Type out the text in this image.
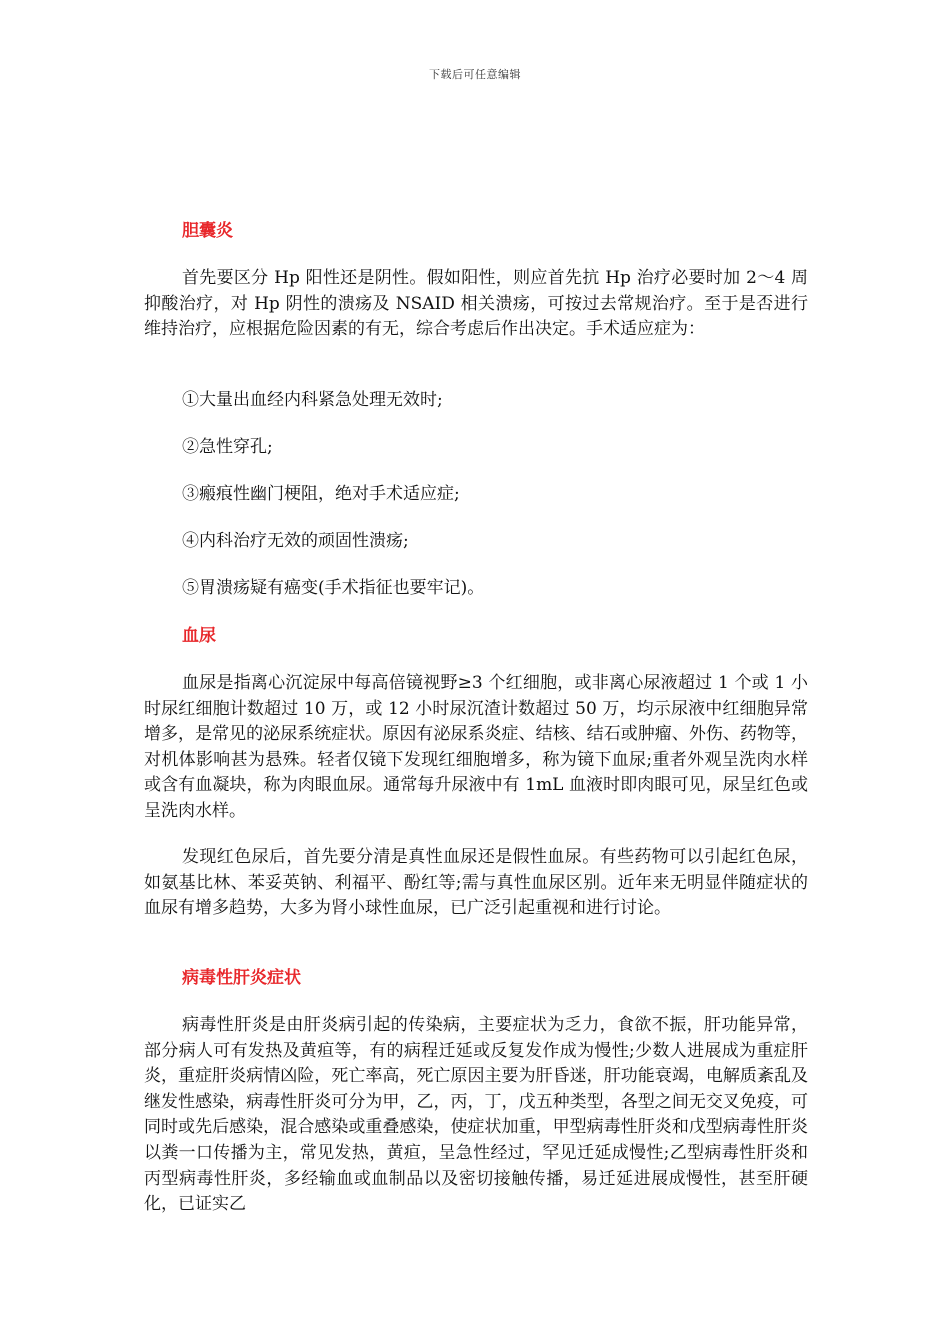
下载后可任意编辑
胆囊炎

首先要区分 Hp 阳性还是阴性。假如阳性，则应首先抗 Hp 治疗必要时加 2～4 周抑酸治疗，对 Hp 阴性的溃疡及 NSAID 相关溃疡，可按过去常规治疗。至于是否进行维持治疗，应根据危险因素的有无，综合考虑后作出决定。手术适应症为：

①大量出血经内科紧急处理无效时;
②急性穿孔;
③瘢痕性幽门梗阻，绝对手术适应症;
④内科治疗无效的顽固性溃疡;
⑤胃溃疡疑有癌变(手术指征也要牢记)。
血尿

血尿是指离心沉淀尿中每高倍镜视野≥3 个红细胞，或非离心尿液超过 1 个或 1 小时尿红细胞计数超过 10 万，或 12 小时尿沉渣计数超过 50 万，均示尿液中红细胞异常增多，是常见的泌尿系统症状。原因有泌尿系炎症、结核、结石或肿瘤、外伤、药物等，对机体影响甚为悬殊。轻者仅镜下发现红细胞增多，称为镜下血尿;重者外观呈洗肉水样或含有血凝块，称为肉眼血尿。通常每升尿液中有 1mL 血液时即肉眼可见，尿呈红色或呈洗肉水样。

发现红色尿后，首先要分清是真性血尿还是假性血尿。有些药物可以引起红色尿，如氨基比林、苯妥英钠、利福平、酚红等;需与真性血尿区别。近年来无明显伴随症状的血尿有增多趋势，大多为肾小球性血尿，已广泛引起重视和进行讨论。

病毒性肝炎症状

病毒性肝炎是由肝炎病引起的传染病，主要症状为乏力，食欲不振，肝功能异常，部分病人可有发热及黄疸等，有的病程迁延或反复发作成为慢性;少数人进展成为重症肝炎，重症肝炎病情凶险，死亡率高，死亡原因主要为肝昏迷，肝功能衰竭，电解质紊乱及继发性感染，病毒性肝炎可分为甲，乙，丙，丁，戊五种类型，各型之间无交叉免疫，可同时或先后感染，混合感染或重叠感染，使症状加重，甲型病毒性肝炎和戊型病毒性肝炎以粪一口传播为主，常见发热，黄疸，呈急性经过，罕见迁延成慢性;乙型病毒性肝炎和丙型病毒性肝炎，多经输血或血制品以及密切接触传播，易迁延进展成慢性，甚至肝硬化，已证实乙
